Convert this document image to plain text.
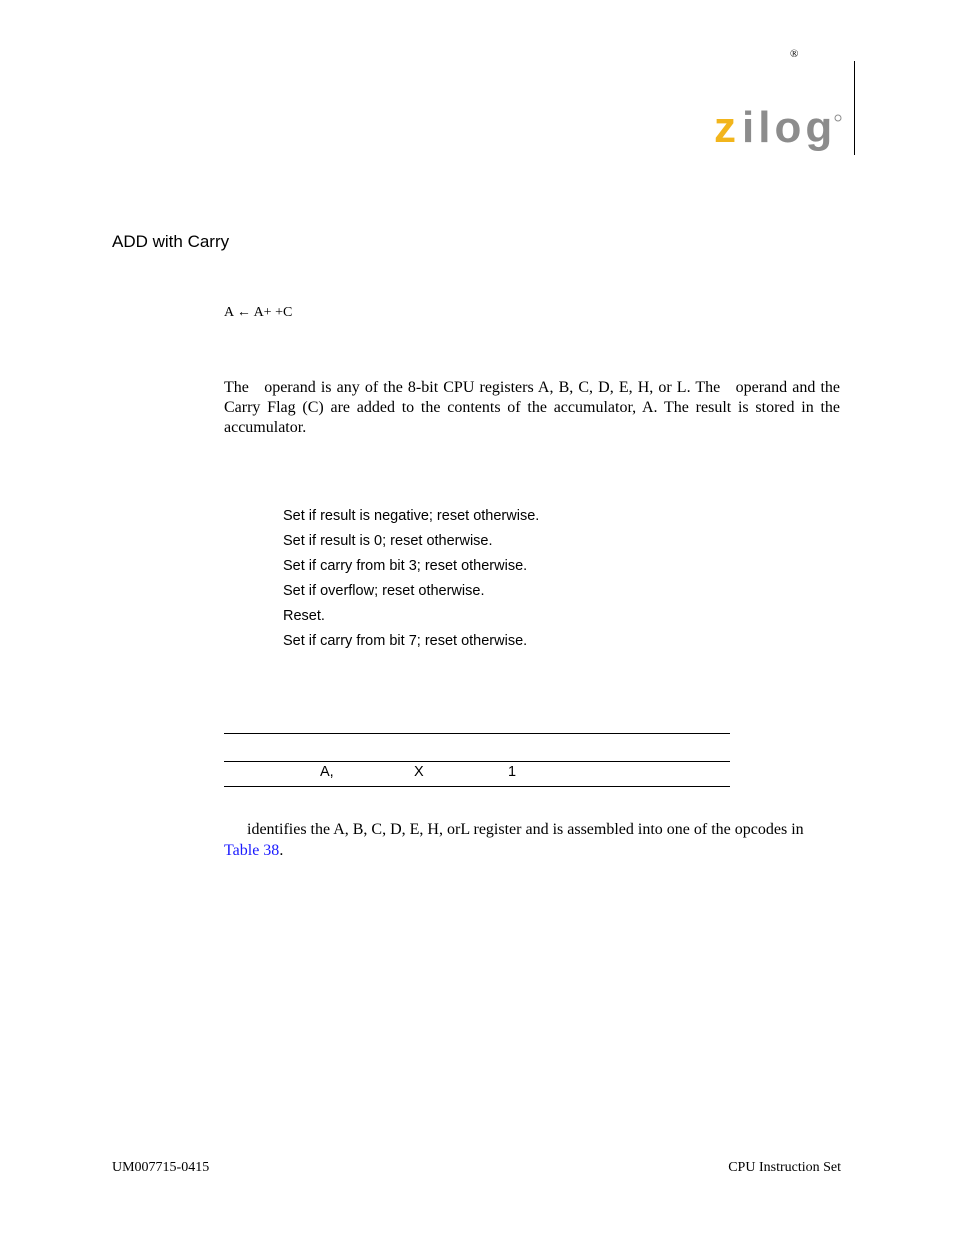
®
z ilog
ADD with Carry
A ← A+ +C
The   operand is any of the 8-bit CPU registers A, B, C, D, E, H, or L. The   operand and the Carry Flag (C) are added to the contents of the accumulator, A. The result is stored in the accumulator.
Set if result is negative; reset otherwise.
Set if result is 0; reset otherwise.
Set if carry from bit 3; reset otherwise.
Set if overflow; reset otherwise.
Reset.
Set if carry from bit 7; reset otherwise.
A,	X	1
identifies the A, B, C, D, E, H, orL register and is assembled into one of the opcodes in
Table 38.
UM007715-0415	CPU Instruction Set
